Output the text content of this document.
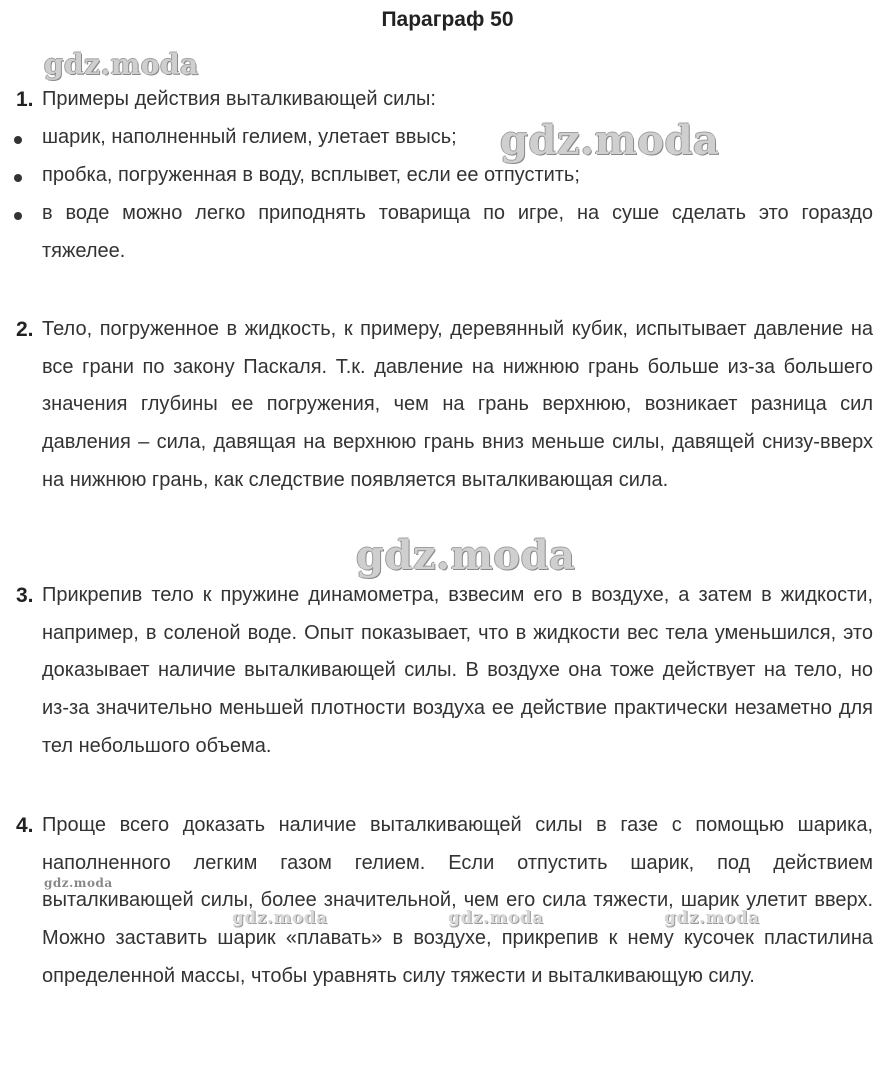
Параграф 50
1. Примеры действия выталкивающей силы:
шарик, наполненный гелием, улетает ввысь;
пробка, погруженная в воду, всплывет, если ее отпустить;
в воде можно легко приподнять товарища по игре, на суше сделать это гораздо тяжелее.
2. Тело, погруженное в жидкость, к примеру, деревянный кубик, испытывает давление на все грани по закону Паскаля. Т.к. давление на нижнюю грань больше из-за большего значения глубины ее погружения, чем на грань верхнюю, возникает разница сил давления – сила, давящая на верхнюю грань вниз меньше силы, давящей снизу-вверх на нижнюю грань, как следствие появляется выталкивающая сила.
3. Прикрепив тело к пружине динамометра, взвесим его в воздухе, а затем в жидкости, например, в соленой воде. Опыт показывает, что в жидкости вес тела уменьшился, это доказывает наличие выталкивающей силы. В воздухе она тоже действует на тело, но из-за значительно меньшей плотности воздуха ее действие практически незаметно для тел небольшого объема.
4. Проще всего доказать наличие выталкивающей силы в газе с помощью шарика, наполненного легким газом гелием. Если отпустить шарик, под действием выталкивающей силы, более значительной, чем его сила тяжести, шарик улетит вверх. Можно заставить шарик «плавать» в воздухе, прикрепив к нему кусочек пластилина определенной массы, чтобы уравнять силу тяжести и выталкивающую силу.
gdz.moda
gdz.moda
gdz.moda
gdz.moda
gdz.moda	gdz.moda	gdz.moda
